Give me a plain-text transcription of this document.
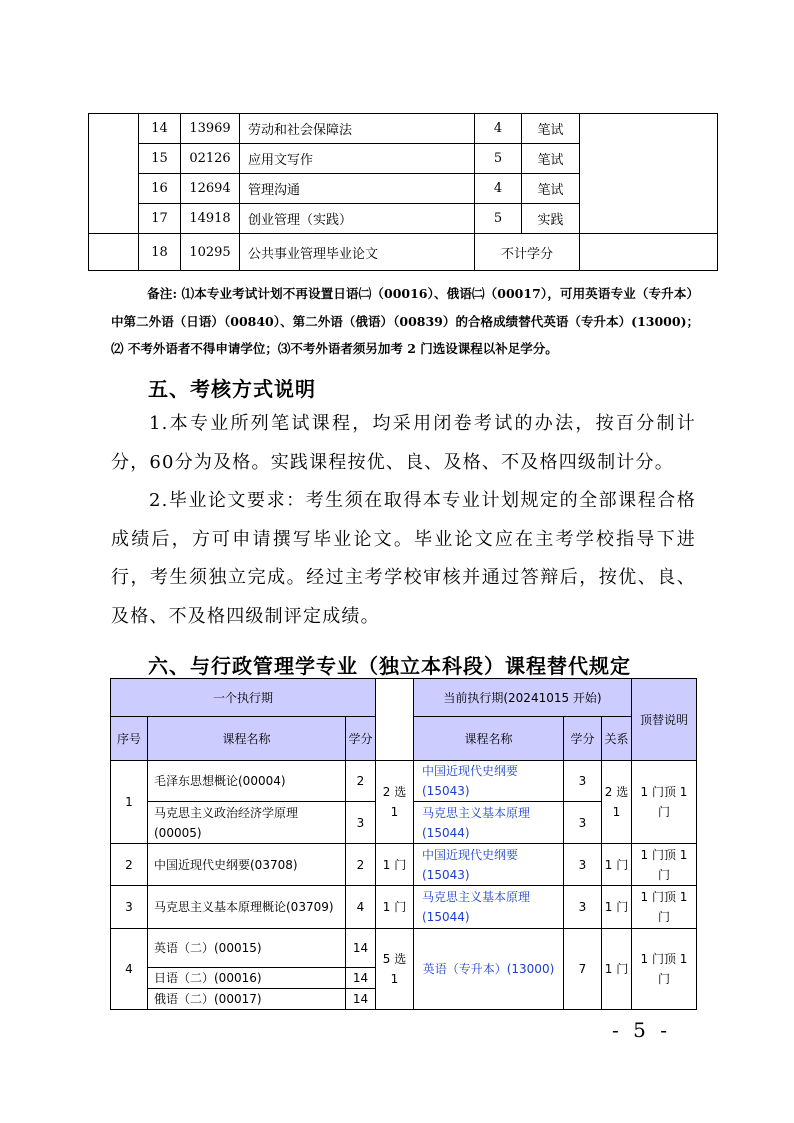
	14	13969	劳动和社会保障法	4	笔试	
	15	02126	应用文写作	5	笔试	
	16	12694	管理沟通	4	笔试	
	17	14918	创业管理（实践）	5	实践	
	18	10295	公共事业管理毕业论文	不计学分		
备注: ⑴本专业考试计划不再设置日语㈡（00016）、俄语㈡（00017），可用英语专业（专升本）中第二外语（日语）（00840）、第二外语（俄语）（00839）的合格成绩替代英语（专升本）(13000)；⑵ 不考外语者不得申请学位；⑶不考外语者须另加考 2 门选设课程以补足学分。
五、考核方式说明
1.本专业所列笔试课程，均采用闭卷考试的办法，按百分制计分，60分为及格。实践课程按优、良、及格、不及格四级制计分。
2.毕业论文要求：考生须在取得本专业计划规定的全部课程合格成绩后，方可申请撰写毕业论文。毕业论文应在主考学校指导下进行，考生须独立完成。经过主考学校审核并通过答辩后，按优、良、及格、不及格四级制评定成绩。
六、与行政管理学专业（独立本科段）课程替代规定
一个执行期				当前执行期(20241015 开始)			顶替说明
序号	课程名称	学分		课程名称	学分	关系	
1	毛泽东思想概论(00004)	2	2 选 1	中国近现代史纲要(15043)	3	2 选 1	1 门顶 1 门
	马克思主义政治经济学原理(00005)	3		马克思主义基本原理(15044)	3		
2	中国近现代史纲要(03708)	2	1 门	中国近现代史纲要(15043)	3	1 门	1 门顶 1 门
3	马克思主义基本原理概论(03709)	4	1 门	马克思主义基本原理(15044)	3	1 门	1 门顶 1 门
4	英语（二）(00015)	14	5 选 1	英语（专升本）(13000)	7	1 门	1 门顶 1 门
	日语（二）(00016)	14					
	俄语（二）(00017)	14					
- 5 -
